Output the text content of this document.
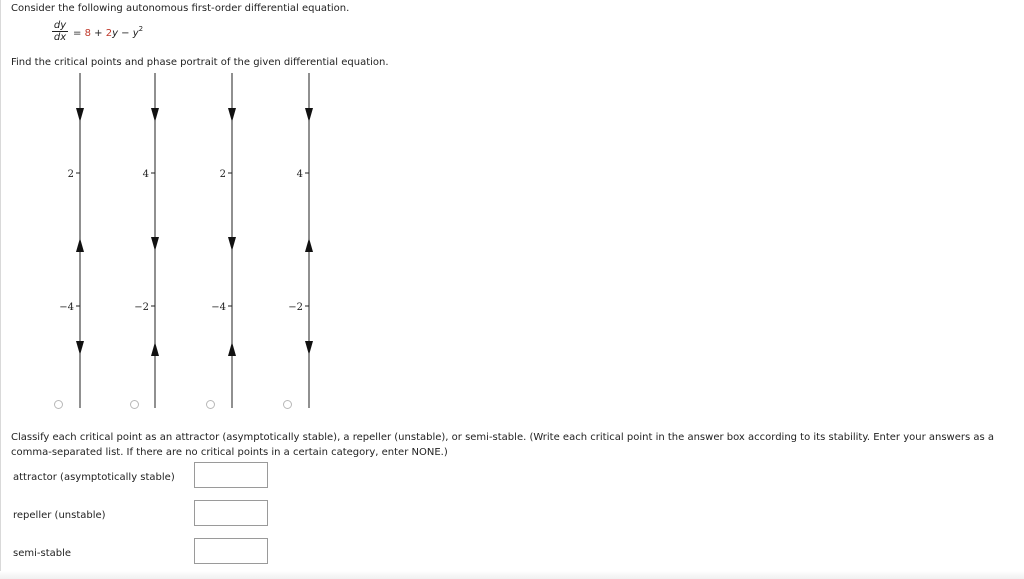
Consider the following autonomous first-order differential equation.
dy
dx = $8 + 2y - y^2$
Find the critical points and phase portrait of the given differential equation.
2
−4
4
−2
2
−4
4
−2
Classify each critical point as an attractor (asymptotically stable), a repeller (unstable), or semi-stable. (Write each critical point in the answer box according to its stability. Enter your answers as a comma-separated list. If there are no critical points in a certain category, enter NONE.)
attractor (asymptotically stable)
repeller (unstable)
semi-stable
